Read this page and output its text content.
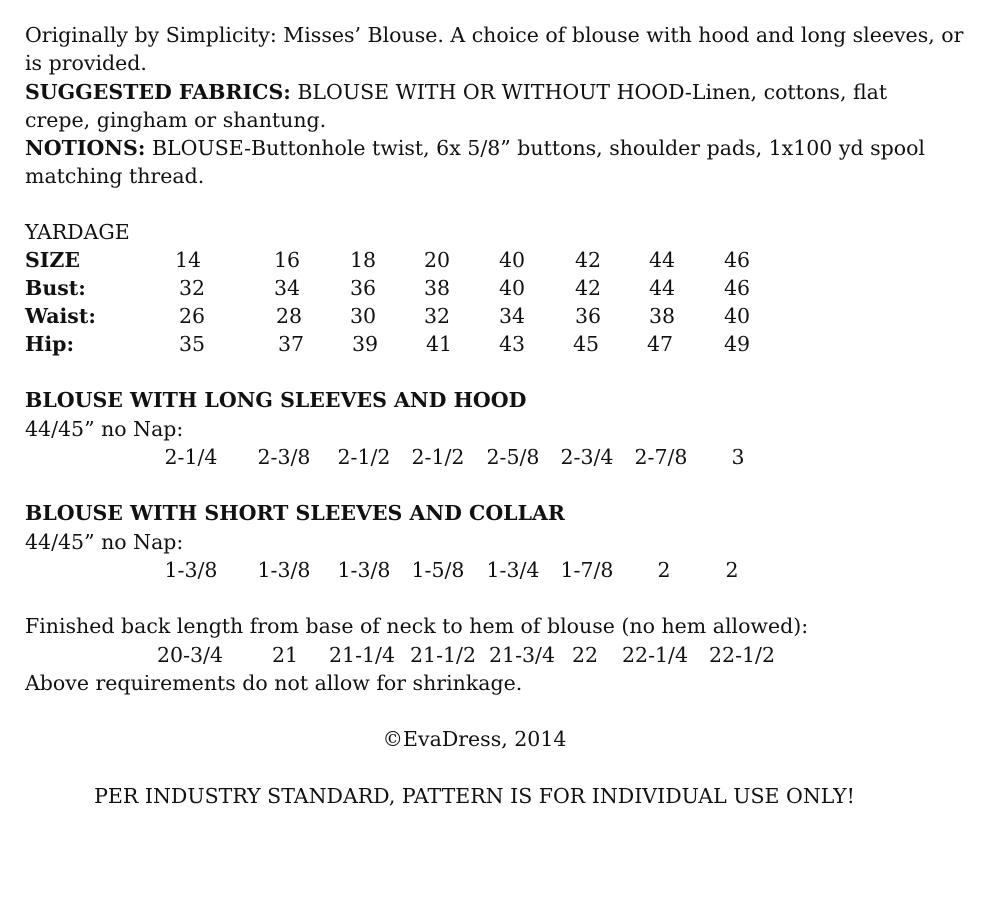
Originally by Simplicity: Misses’ Blouse. A choice of blouse with hood and long sleeves, or
is provided.
SUGGESTED FABRICS: BLOUSE WITH OR WITHOUT HOOD-Linen, cottons, flat
crepe, gingham or shantung.
NOTIONS: BLOUSE-Buttonhole twist, 6x 5/8” buttons, shoulder pads, 1x100 yd spool
matching thread.
YARDAGE
SIZE	14	16	18	20	40	42	44	46
Bust:	32	34	36	38	40	42	44	46
Waist:	26	28	30	32	34	36	38	40
Hip:	35	37	39	41	43	45	47	49
BLOUSE WITH LONG SLEEVES AND HOOD
44/45” no Nap:
2-1/4	2-3/8	2-1/2	2-1/2	2-5/8	2-3/4	2-7/8	3
BLOUSE WITH SHORT SLEEVES AND COLLAR
44/45” no Nap:
1-3/8	1-3/8	1-3/8	1-5/8	1-3/4	1-7/8	2	2
Finished back length from base of neck to hem of blouse (no hem allowed):
20-3/4	21	21-1/4 21-1/2 21-3/4 22	22-1/4	22-1/2
Above requirements do not allow for shrinkage.
©EvaDress, 2014
PER INDUSTRY STANDARD, PATTERN IS FOR INDIVIDUAL USE ONLY!
